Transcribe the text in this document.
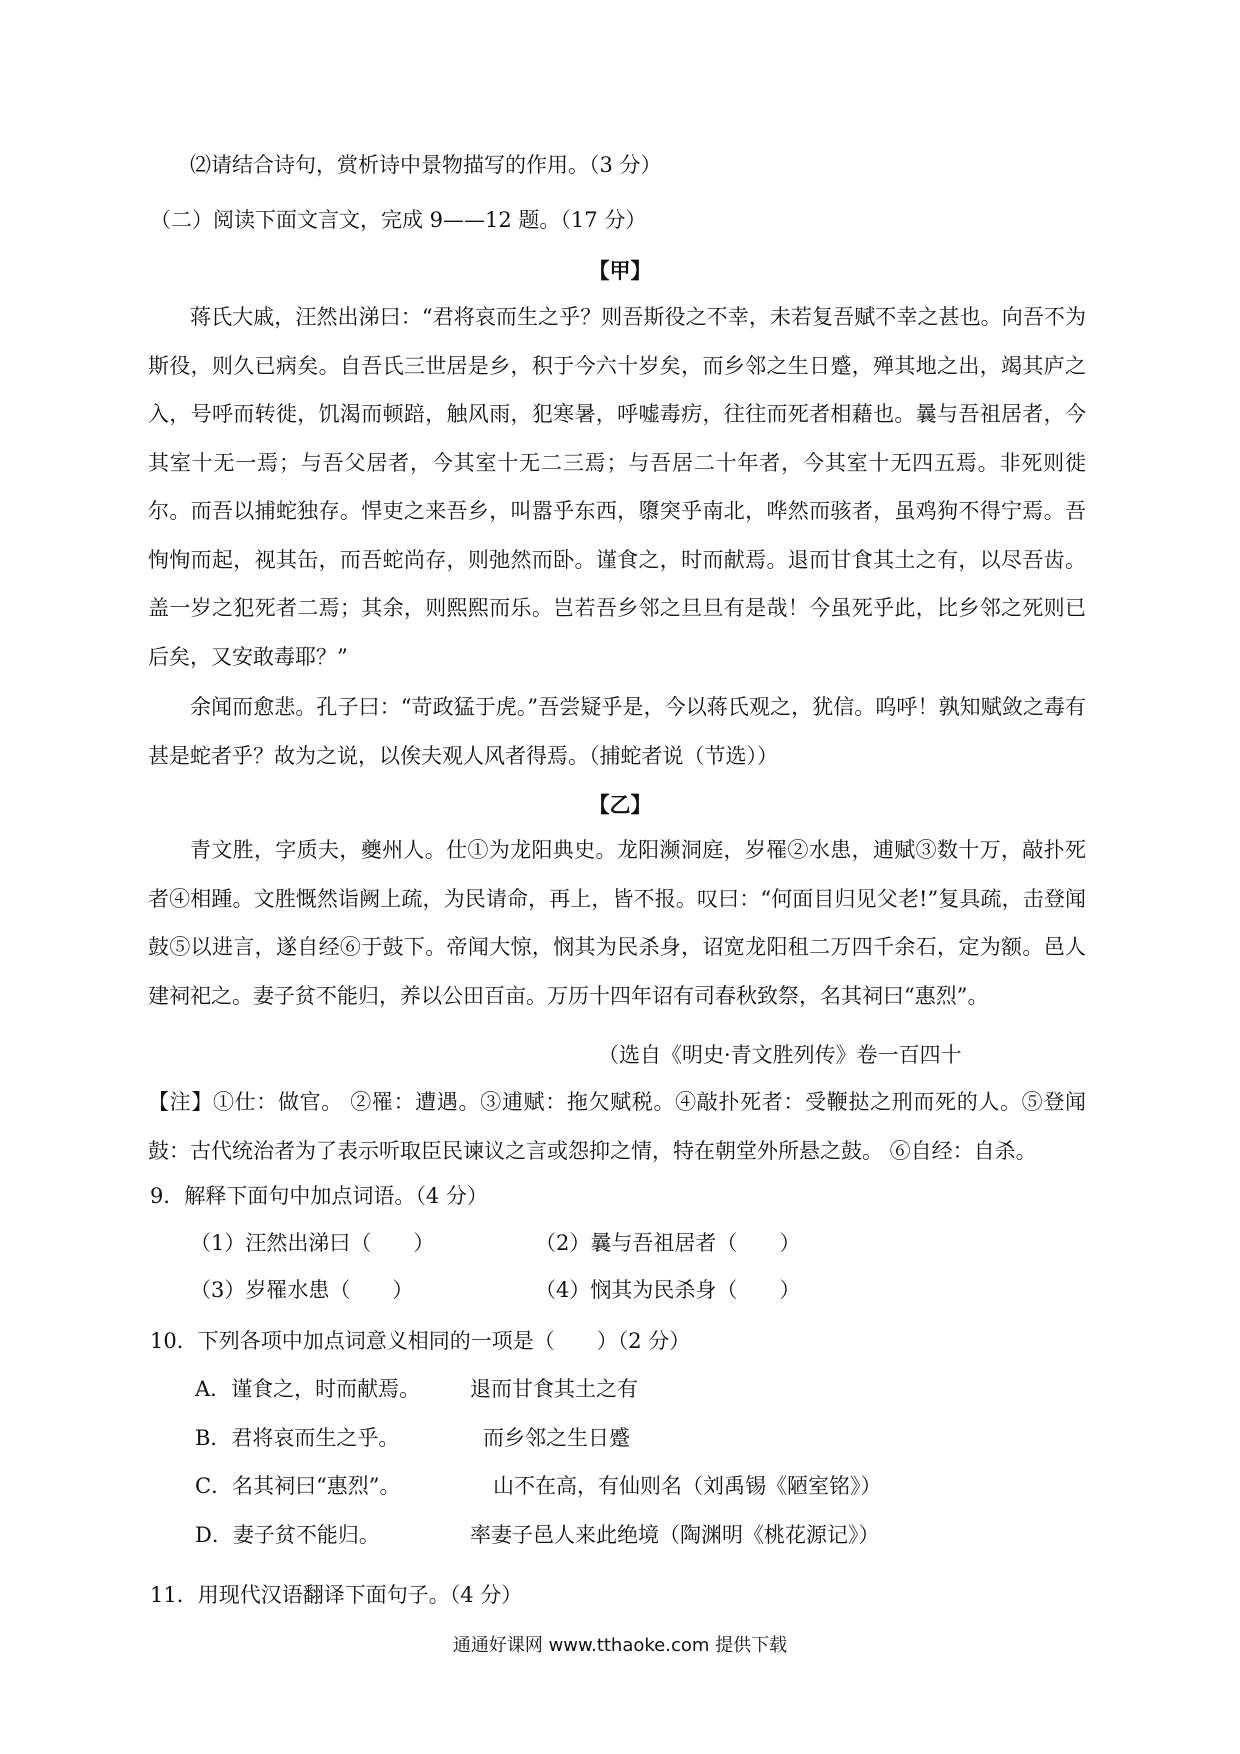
⑵请结合诗句，赏析诗中景物描写的作用。（3 分）
（二）阅读下面文言文，完成 9——12 题。（17 分）
【甲】
蒋氏大戚，汪然出涕曰：“君将哀而生之乎？则吾斯役之不幸，未若复吾赋不幸之甚也。向吾不为斯役，则久已病矣。自吾氏三世居是乡，积于今六十岁矣，而乡邻之生日蹙，殚其地之出，竭其庐之入，号呼而转徙，饥渴而顿踣，触风雨，犯寒暑，呼嘘毒疠，往往而死者相藉也。曩与吾祖居者，今其室十无一焉；与吾父居者，今其室十无二三焉；与吾居二十年者，今其室十无四五焉。非死则徙尔。而吾以捕蛇独存。悍吏之来吾乡，叫嚣乎东西，隳突乎南北，哗然而骇者，虽鸡狗不得宁焉。吾恂恂而起，视其缶，而吾蛇尚存，则弛然而卧。谨食之，时而献焉。退而甘食其土之有，以尽吾齿。盖一岁之犯死者二焉；其余，则熙熙而乐。岂若吾乡邻之旦旦有是哉！今虽死乎此，比乡邻之死则已后矣，又安敢毒耶？”
余闻而愈悲。孔子曰：“苛政猛于虎。”吾尝疑乎是，今以蒋氏观之，犹信。呜呼！孰知赋敛之毒有甚是蛇者乎？故为之说，以俟夫观人风者得焉。（捕蛇者说（节选））
【乙】
青文胜，字质夫，夔州人。仕①为龙阳典史。龙阳濒洞庭，岁罹②水患，逋赋③数十万，敲扑死者④相踵。文胜慨然诣阙上疏，为民请命，再上，皆不报。叹曰：“何面目归见父老!”复具疏，击登闻鼓⑤以进言，遂自经⑥于鼓下。帝闻大惊，悯其为民杀身，诏宽龙阳租二万四千余石，定为额。邑人建祠祀之。妻子贫不能归，养以公田百亩。万历十四年诏有司春秋致祭，名其祠曰“惠烈”。
（选自《明史·青文胜列传》卷一百四十
【注】①仕：做官。 ②罹：遭遇。③逋赋：拖欠赋税。④敲扑死者：受鞭挞之刑而死的人。⑤登闻鼓：古代统治者为了表示听取臣民谏议之言或怨抑之情，特在朝堂外所悬之鼓。 ⑥自经：自杀。
9．解释下面句中加点词语。（4 分）
（1）汪然出涕曰（　　）	（2）曩与吾祖居者（　　）
（3）岁罹水患（　　）	（4）悯其为民杀身（　　）
10．下列各项中加点词意义相同的一项是（　　）（2 分）
A．谨食之，时而献焉。 退而甘食其土之有
B．君将哀而生之乎。	而乡邻之生日蹙
C．名其祠曰“惠烈”。	山不在高，有仙则名（刘禹锡《陋室铭》）
D．妻子贫不能归。	率妻子邑人来此绝境（陶渊明《桃花源记》）
11．用现代汉语翻译下面句子。（4 分）
通通好课网 www.tthaoke.com 提供下载
